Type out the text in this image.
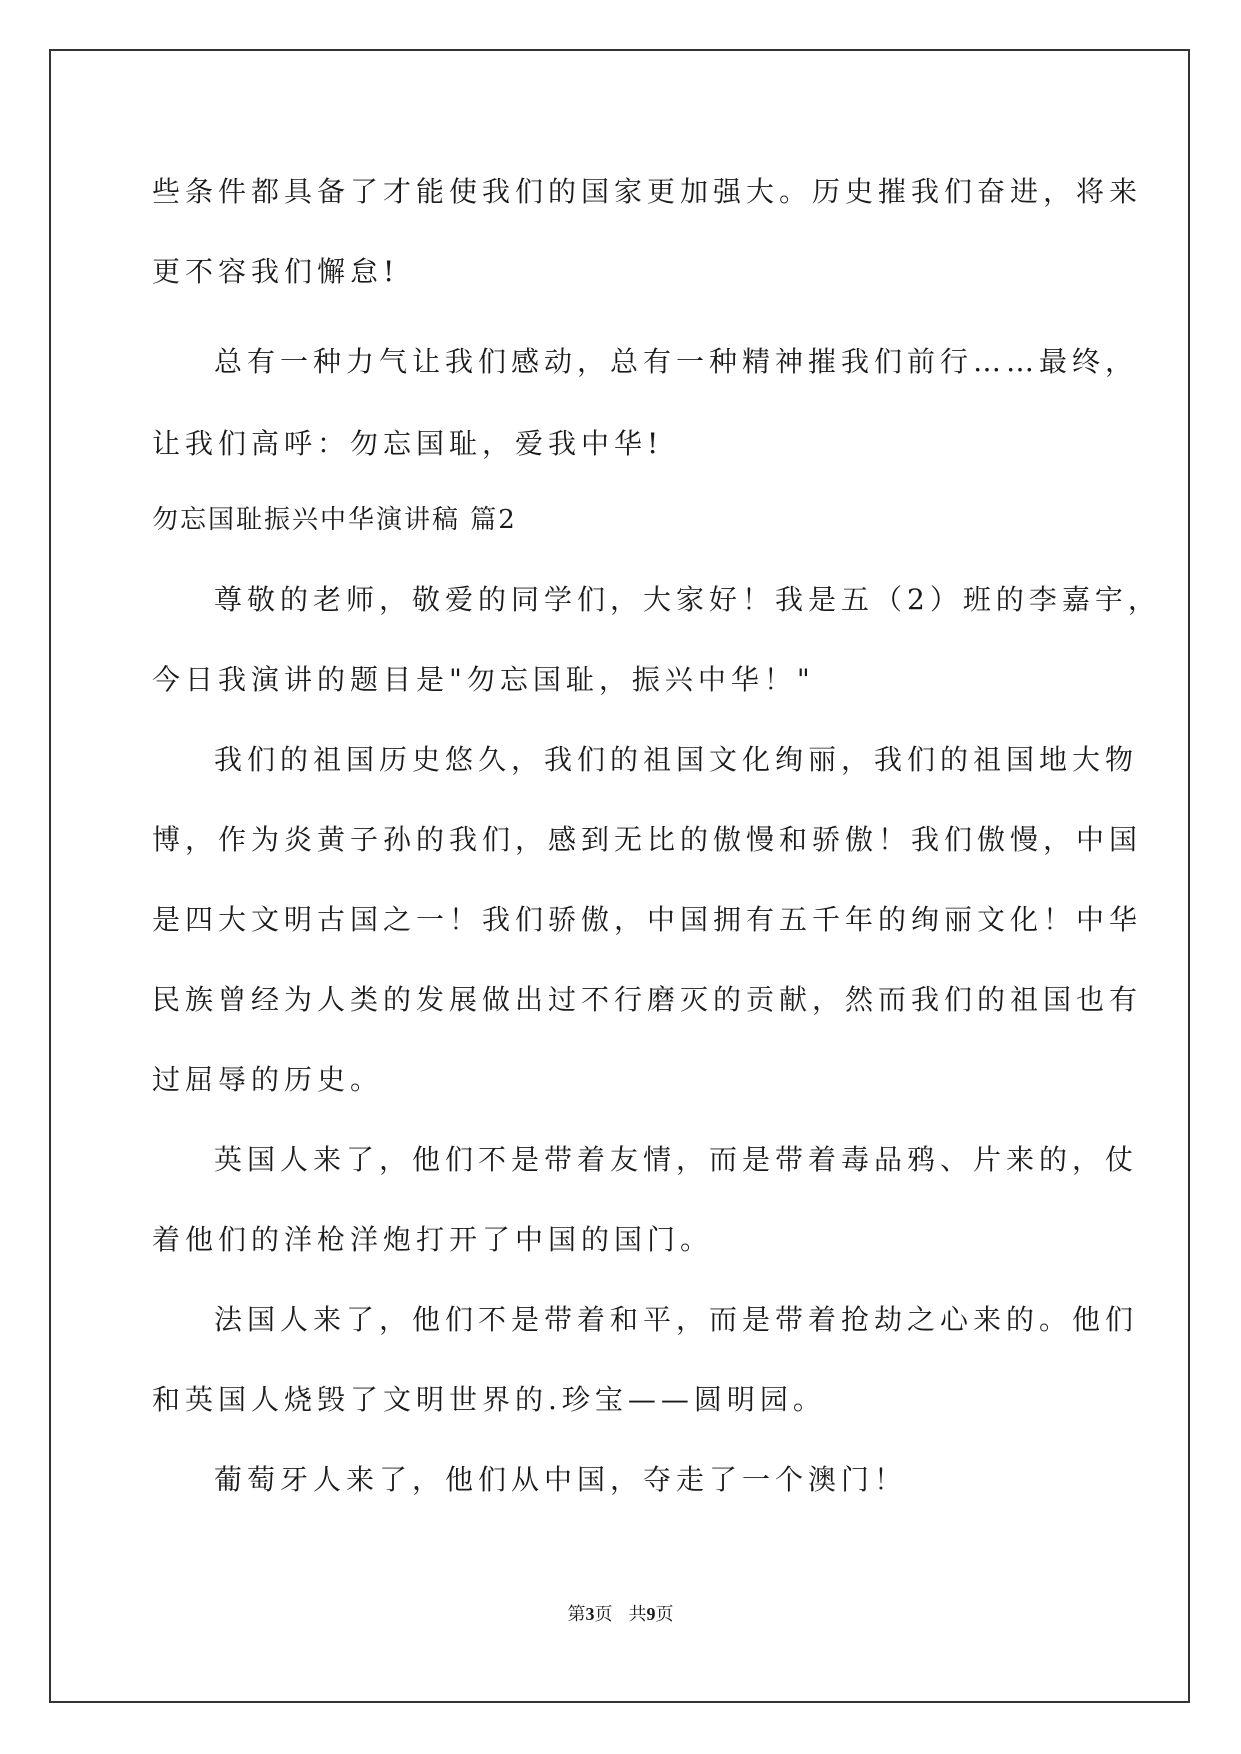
些条件都具备了才能使我们的国家更加强大。历史摧我们奋进，将来
更不容我们懈怠!
总有一种力气让我们感动，总有一种精神摧我们前行……最终，
让我们高呼：勿忘国耻，爱我中华!
勿忘国耻振兴中华演讲稿 篇2
尊敬的老师，敬爱的同学们，大家好！我是五（2）班的李嘉宇，
今日我演讲的题目是"勿忘国耻，振兴中华！"
我们的祖国历史悠久，我们的祖国文化绚丽，我们的祖国地大物
博，作为炎黄子孙的我们，感到无比的傲慢和骄傲！我们傲慢，中国
是四大文明古国之一！我们骄傲，中国拥有五千年的绚丽文化！中华
民族曾经为人类的发展做出过不行磨灭的贡献，然而我们的祖国也有
过屈辱的历史。
英国人来了，他们不是带着友情，而是带着毒品鸦、片来的，仗
着他们的洋枪洋炮打开了中国的国门。
法国人来了，他们不是带着和平，而是带着抢劫之心来的。他们
和英国人烧毁了文明世界的.珍宝——圆明园。
葡萄牙人来了，他们从中国，夺走了一个澳门！
第3页 共9页
